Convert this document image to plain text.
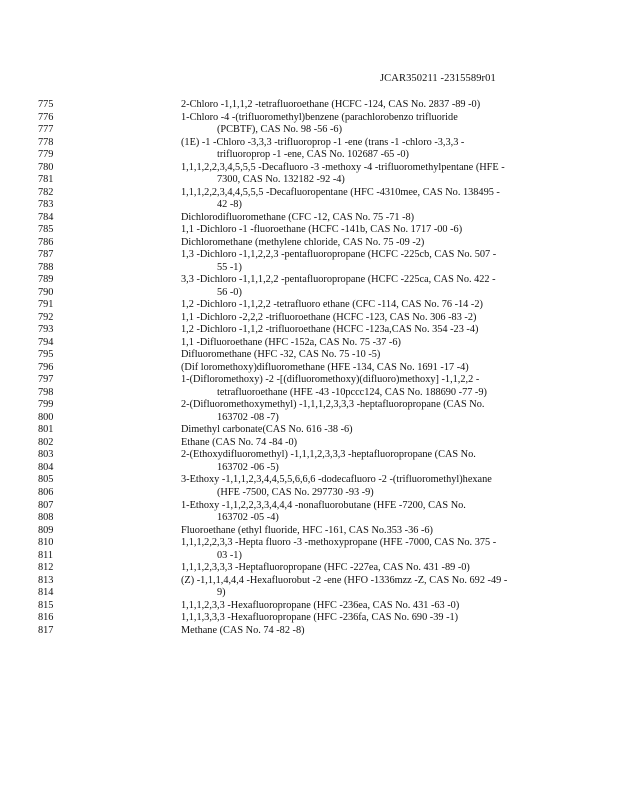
JCAR350211 -2315589r01
775	2-Chloro -1,1,1,2 -tetrafluoroethane (HCFC -124, CAS No. 2837 -89 -0)
776	1-Chloro -4 -(trifluoromethyl)benzene (parachlorobenzo trifluoride
777	(PCBTF), CAS No. 98 -56 -6)
778	(1E) -1 -Chloro -3,3,3 -trifluoroprop -1 -ene (trans -1 -chloro -3,3,3 -
779	trifluoroprop -1 -ene, CAS No. 102687 -65 -0)
780	1,1,1,2,2,3,4,5,5,5 -Decafluoro -3 -methoxy -4 -trifluoromethylpentane (HFE -
781	7300, CAS No. 132182 -92 -4)
782	1,1,1,2,2,3,4,4,5,5,5 -Decafluoropentane (HFC -4310mee, CAS No. 138495 -
783	42 -8)
784	Dichlorodifluoromethane (CFC -12, CAS No. 75 -71 -8)
785	1,1 -Dichloro -1 -fluoroethane (HCFC -141b, CAS No. 1717 -00 -6)
786	Dichloromethane (methylene chloride, CAS No. 75 -09 -2)
787	1,3 -Dichloro -1,1,2,2,3 -pentafluoropropane (HCFC -225cb, CAS No. 507 -
788	55 -1)
789	3,3 -Dichloro -1,1,1,2,2 -pentafluoropropane (HCFC -225ca, CAS No. 422 -
790	56 -0)
791	1,2 -Dichloro -1,1,2,2 -tetrafluoro ethane (CFC -114, CAS No. 76 -14 -2)
792	1,1 -Dichloro -2,2,2 -trifluoroethane (HCFC -123, CAS No. 306 -83 -2)
793	1,2 -Dichloro -1,1,2 -trifluoroethane (HCFC -123a,CAS No. 354 -23 -4)
794	1,1 -Difluoroethane (HFC -152a, CAS No. 75 -37 -6)
795	Difluoromethane (HFC -32, CAS No. 75 -10 -5)
796	(Dif loromethoxy)difluoromethane (HFE -134, CAS No. 1691 -17 -4)
797	1-(Difloromethoxy) -2 -[(difluoromethoxy)(difluoro)methoxy] -1,1,2,2 -
798	tetrafluoroethane (HFE -43 -10pccc124, CAS No. 188690 -77 -9)
799	2-(Difluoromethoxymethyl) -1,1,1,2,3,3,3 -heptafluoropropane (CAS No.
800	163702 -08 -7)
801	Dimethyl carbonate(CAS No. 616 -38 -6)
802	Ethane (CAS No. 74 -84 -0)
803	2-(Ethoxydifluoromethyl) -1,1,1,2,3,3,3 -heptafluoropropane (CAS No.
804	163702 -06 -5)
805	3-Ethoxy -1,1,1,2,3,4,4,5,5,6,6,6 -dodecafluoro -2 -(trifluoromethyl)hexane
806	(HFE -7500, CAS No. 297730 -93 -9)
807	1-Ethoxy -1,1,2,2,3,3,4,4,4 -nonafluorobutane (HFE -7200, CAS No.
808	163702 -05 -4)
809	Fluoroethane (ethyl fluoride, HFC -161, CAS No.353 -36 -6)
810	1,1,1,2,2,3,3 -Hepta fluoro -3 -methoxypropane (HFE -7000, CAS No. 375 -
811	03 -1)
812	1,1,1,2,3,3,3 -Heptafluoropropane (HFC -227ea, CAS No. 431 -89 -0)
813	(Z) -1,1,1,4,4,4 -Hexafluorobut -2 -ene (HFO -1336mzz -Z, CAS No. 692 -49 -
814	9)
815	1,1,1,2,3,3 -Hexafluoropropane (HFC -236ea, CAS No. 431 -63 -0)
816	1,1,1,3,3,3 -Hexafluoropropane (HFC -236fa, CAS No. 690 -39 -1)
817	Methane (CAS No. 74 -82 -8)
